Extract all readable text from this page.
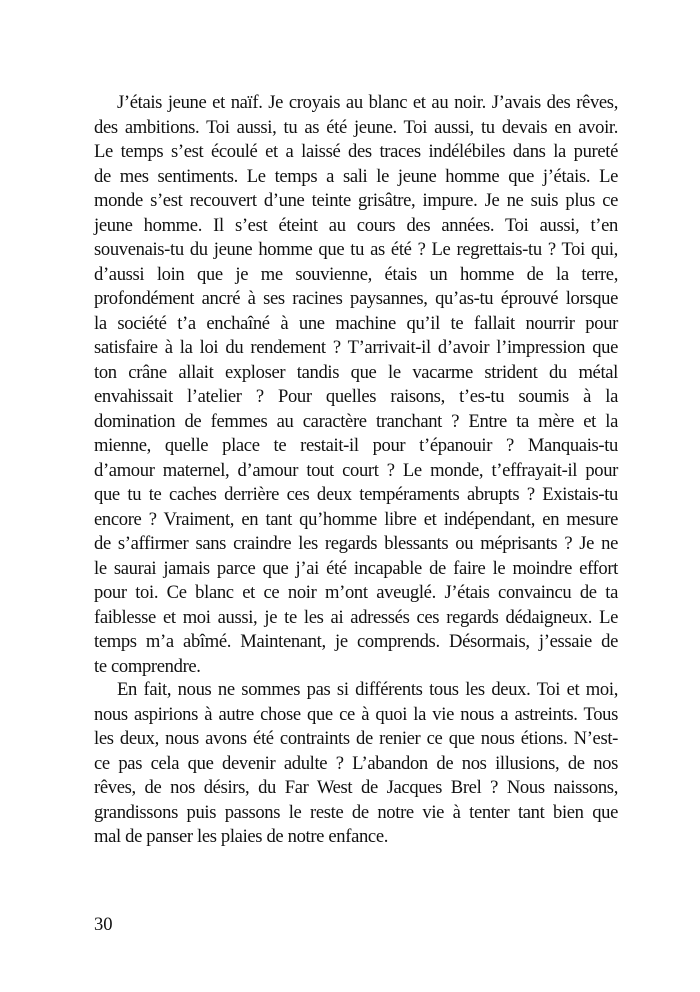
J’étais jeune et naïf. Je croyais au blanc et au noir. J’avais des rêves,
des ambitions. Toi aussi, tu as été jeune. Toi aussi, tu devais en avoir.
Le temps s’est écoulé et a laissé des traces indélébiles dans la pureté
de mes sentiments. Le temps a sali le jeune homme que j’étais. Le
monde s’est recouvert d’une teinte grisâtre, impure. Je ne suis plus ce
jeune homme. Il s’est éteint au cours des années. Toi aussi, t’en
souvenais-tu du jeune homme que tu as été ? Le regrettais-tu ? Toi qui,
d’aussi loin que je me souvienne, étais un homme de la terre,
profondément ancré à ses racines paysannes, qu’as-tu éprouvé lorsque
la société t’a enchaîné à une machine qu’il te fallait nourrir pour
satisfaire à la loi du rendement ? T’arrivait-il d’avoir l’impression que
ton crâne allait exploser tandis que le vacarme strident du métal
envahissait l’atelier ? Pour quelles raisons, t’es-tu soumis à la
domination de femmes au caractère tranchant ? Entre ta mère et la
mienne, quelle place te restait-il pour t’épanouir ? Manquais-tu
d’amour maternel, d’amour tout court ? Le monde, t’effrayait-il pour
que tu te caches derrière ces deux tempéraments abrupts ? Existais-tu
encore ? Vraiment, en tant qu’homme libre et indépendant, en mesure
de s’affirmer sans craindre les regards blessants ou méprisants ? Je ne
le saurai jamais parce que j’ai été incapable de faire le moindre effort
pour toi. Ce blanc et ce noir m’ont aveuglé. J’étais convaincu de ta
faiblesse et moi aussi, je te les ai adressés ces regards dédaigneux. Le
temps m’a abîmé. Maintenant, je comprends. Désormais, j’essaie de
te comprendre.
En fait, nous ne sommes pas si différents tous les deux. Toi et moi,
nous aspirions à autre chose que ce à quoi la vie nous a astreints. Tous
les deux, nous avons été contraints de renier ce que nous étions. N’est-
ce pas cela que devenir adulte ? L’abandon de nos illusions, de nos
rêves, de nos désirs, du Far West de Jacques Brel ? Nous naissons,
grandissons puis passons le reste de notre vie à tenter tant bien que
mal de panser les plaies de notre enfance.
30
